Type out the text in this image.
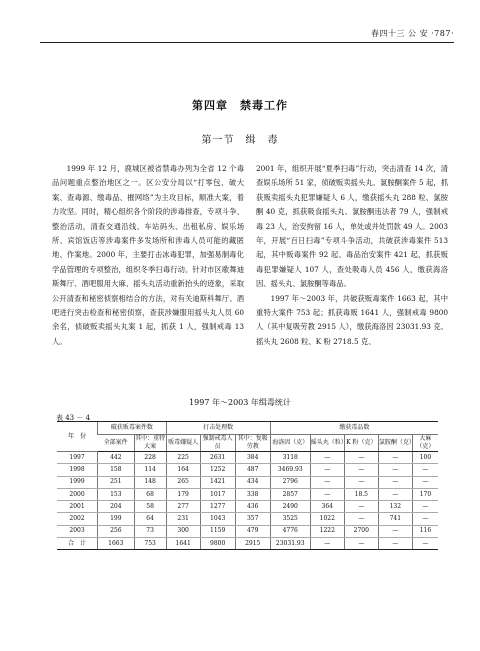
春四十三 公 安 ·787·
第四章　禁毒工作
第一节　缉　毒

1999 年 12 月，鹿城区被省禁毒办列为全省 12 个毒品问题重点整治地区之一。区公安分局以“打零包、破大案、查毒源、缴毒品、摧网络”为主攻目标，顺准大案，着力攻坚。同时，精心组织各个阶段的涉毒排查，专项斗争、整治活动，清查交通沿线、车站码头、出租私房、娱乐场所、宾馆饭店等涉毒案件多发场所和涉毒人员可能的藏匿地、作案地。2000 年，主要打击冰毒犯罪，加强易制毒化学品管理的专项整治，组织冬季扫毒行动。针对市区歌舞迪斯舞厅、酒吧服用大麻、摇头丸活动重新抬头的迹象，采取公开清查和秘密侦察相结合的方法，对有关迪斯科舞厅、酒吧进行突击检查和秘密侦察，查获涉嫌服用摇头丸人员 60 余名，侦破贩卖摇头丸案 1 起，抓获 1 人，强制戒毒 13 人。

2001 年，组织开展“夏季扫毒”行动，突击清查 14 次，清查娱乐场所 51 家，侦破贩卖摇头丸、氯胺酮案件 5 起，抓获贩卖摇头丸犯罪嫌疑人 6 人，缴获摇头丸 288 粒、氯胺酮 40 克，抓获吸食摇头丸、氯胺酮违法者 79 人，强制戒毒 23 人，治安拘留 16 人，单处或并处罚款 49 人。2003 年，开展“百日扫毒”专项斗争活动，共破获涉毒案件 513 起，其中贩毒案件 92 起、毒品治安案件 421 起，抓获贩毒犯罪嫌疑人 107 人，查处吸毒人员 456 人，缴获海洛因、摇头丸、氯胺酮等毒品。

1997 年～2003 年，共破获贩毒案件 1663 起，其中重特大案件 753 起；抓获毒贩 1641 人，强制戒毒 9800 人（其中复吸劳教 2915 人），缴获海洛因 23031.93 克、摇头丸 2608 粒、K 粉 2718.5 克、

1997 年～2003 年缉毒统计
表 43 － 4
年　份	破获贩毒案件数		打击处理数			缴获毒品数				
	全部案件	其中：重特大案	贩毒嫌疑人	强制戒毒人员	其中：复吸劳教	海洛因（克）	摇头丸（粒）	K 粉（克）	氯胺酮（克）	大麻（克）
1997	442	228	225	2631	384	3118	—	—	—	100
1998	158	114	164	1252	487	3469.93	—	—	—	—
1999	251	148	265	1421	434	2796	—	—	—	—
2000	153	68	179	1017	338	2857	—	18.5	—	170
2001	204	58	277	1277	436	2490	364	—	132	—
2002	199	64	231	1043	357	3525	1022	—	741	—
2003	256	73	300	1159	479	4776	1222	2700	—	116
合　计	1663	753	1641	9800	2915	23031.93	—	—	—	—
